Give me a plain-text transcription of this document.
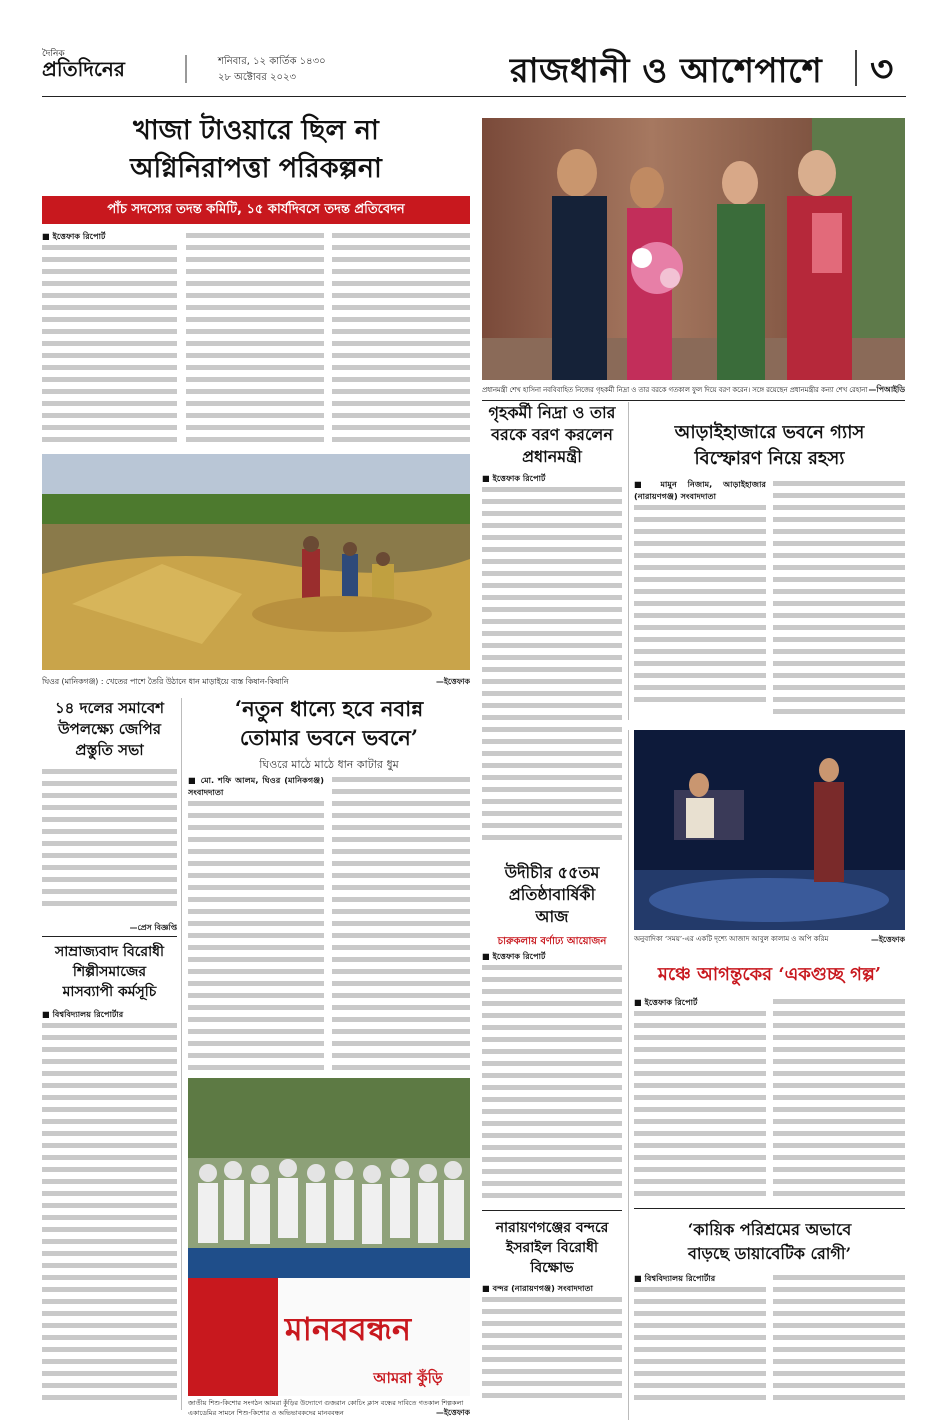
দৈনিক
প্রতিদিনের	শনিবার, ১২ কার্তিক ১৪৩০
২৮ অক্টোবর ২০২৩	রাজধানী ও আশেপাশে ৩
খাজা টাওয়ারে ছিল না
অগ্নিনিরাপত্তা পরিকল্পনা
পাঁচ সদস্যের তদন্ত কমিটি, ১৫ কার্যদিবসে তদন্ত প্রতিবেদন
■ ইত্তেফাক রিপোর্ট
প্রধানমন্ত্রী শেখ হাসিনা নববিবাহিত নিজের গৃহকর্মী নিদ্রা ও তার বরকে গতকাল ফুল দিয়ে বরণ করেন। সঙ্গে রয়েছেন প্রধানমন্ত্রীর কন্যা শেখ রেহানা —পিআইডি
ঘিওর (মানিকগঞ্জ) : খেতের পাশে তৈরি উঠানে ধান মাড়াইয়ে ব্যস্ত কিষান-কিষানি	—ইত্তেফাক
গৃহকর্মী নিদ্রা ও তার
বরকে বরণ করলেন
প্রধানমন্ত্রী
■ ইত্তেফাক রিপোর্ট
আড়াইহাজারে ভবনে গ্যাস
বিস্ফোরণ নিয়ে রহস্য
■ মামুন নিজাম, আড়াইহাজার (নারায়ণগঞ্জ) সংবাদদাতা
১৪ দলের সমাবেশ
উপলক্ষ্যে জেপির
প্রস্তুতি সভা
—প্রেস বিজ্ঞপ্তি
সাম্রাজ্যবাদ বিরোধী
শিল্পীসমাজের
মাসব্যাপী কর্মসূচি
■ বিশ্ববিদ্যালয় রিপোর্টার
‘নতুন ধান্যে হবে নবান্ন
তোমার ভবনে ভবনে’
ঘিওরে মাঠে মাঠে ধান কাটার ধুম
■ মো. শফি আলম, ঘিওর (মানিকগঞ্জ) সংবাদদাতা
মানববন্ধন
আমরা কুঁড়ি
জাতীয় শিশু-কিশোর সংগঠন আমরা কুঁড়ির উদ্যোগে গুজরান কোচিং ক্লাস বন্ধের দাবিতে গতকাল শিল্পকলা একাডেমির সামনে শিশু-কিশোর ও অভিভাবকদের মানববন্ধন	—ইত্তেফাক
উদীচীর ৫৫তম
প্রতিষ্ঠাবার্ষিকী
আজ
চারুকলায় বর্ণাঢ্য আয়োজন
■ ইত্তেফাক রিপোর্ট
অনুবাদিকা ‘সময়’-এর একটি দৃশ্যে আজাদ আবুল কালাম ও অপি করিম	—ইত্তেফাক
মঞ্চে আগন্তুকের ‘একগুচ্ছ গল্প’
■ ইত্তেফাক রিপোর্ট
নারায়ণগঞ্জের বন্দরে
ইসরাইল বিরোধী
বিক্ষোভ
■ বন্দর (নারায়ণগঞ্জ) সংবাদদাতা
‘কায়িক পরিশ্রমের অভাবে
বাড়ছে ডায়াবেটিক রোগী’
■ বিশ্ববিদ্যালয় রিপোর্টার
